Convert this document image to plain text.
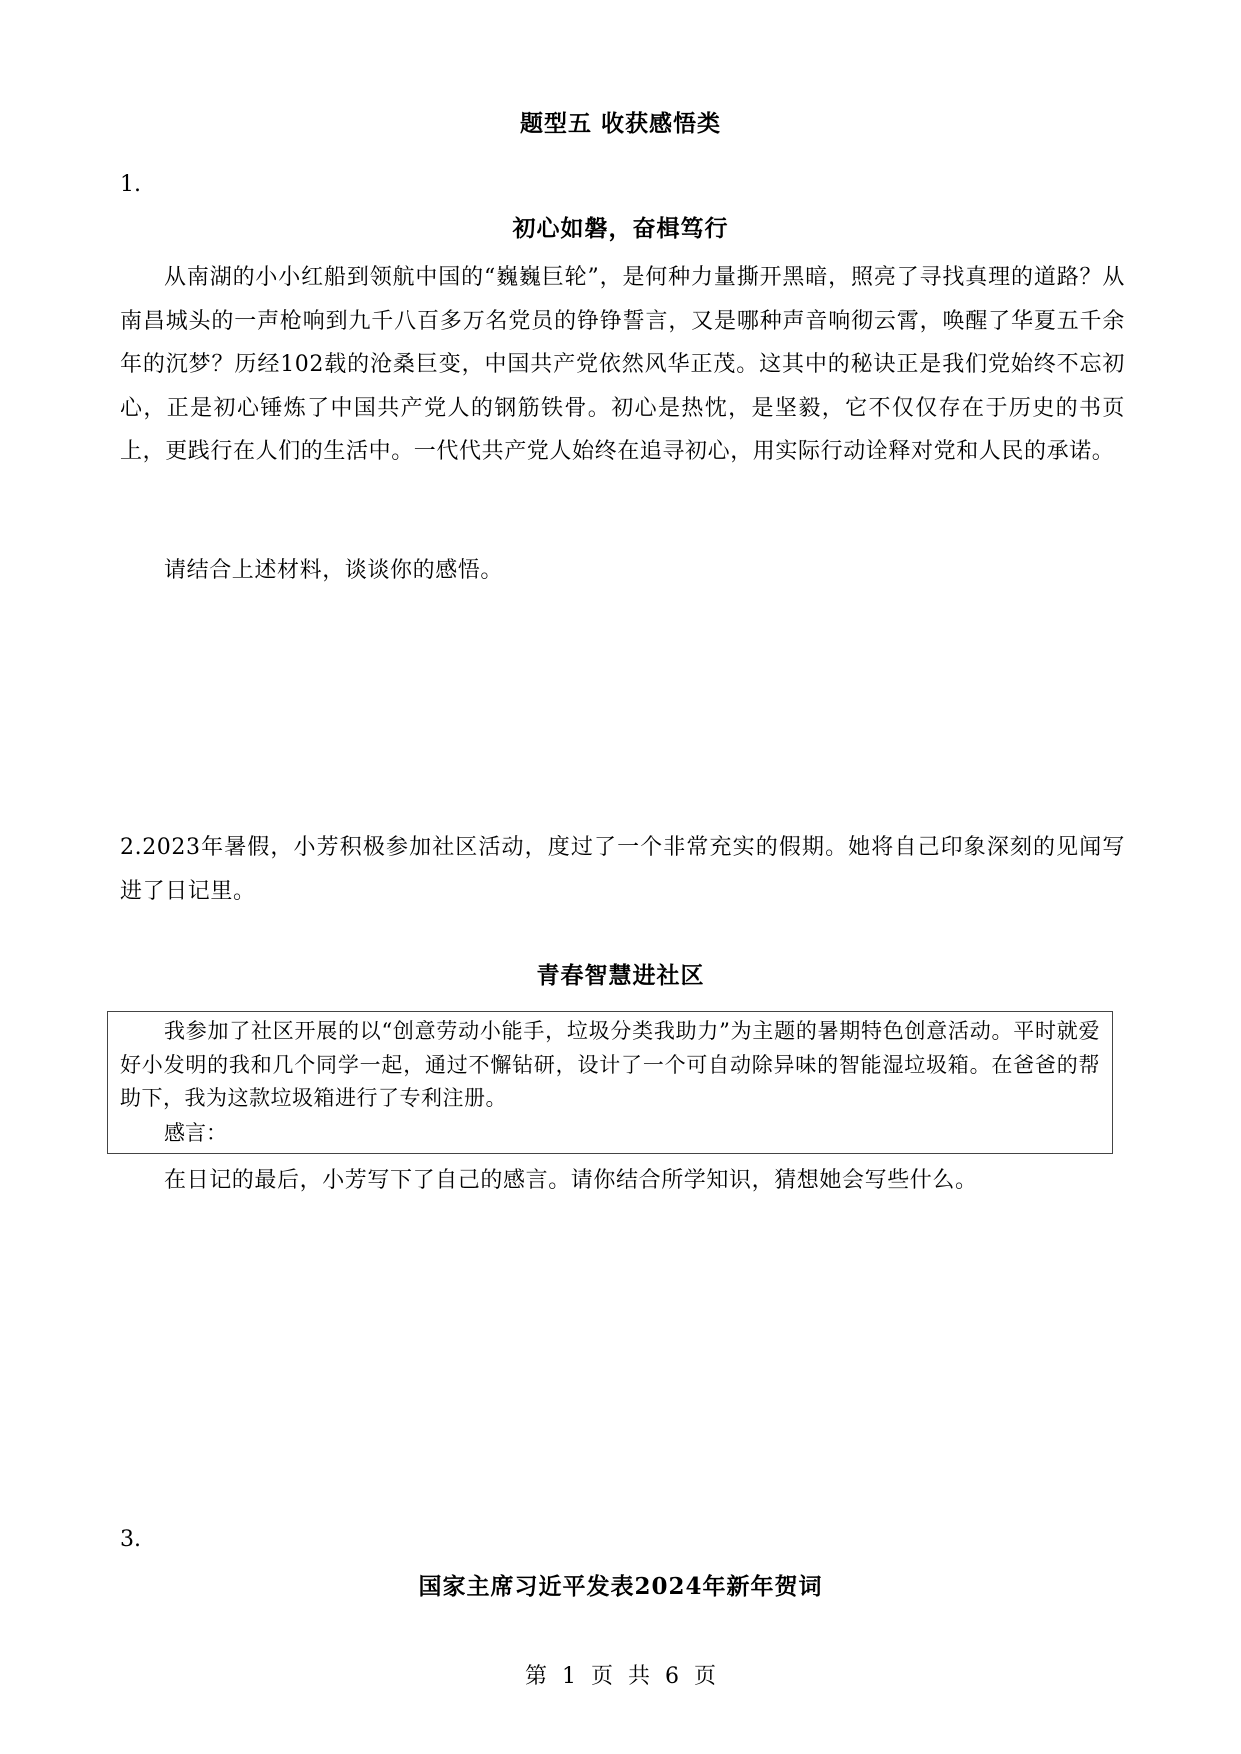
题型五 收获感悟类
1.
初心如磐，奋楫笃行
从南湖的小小红船到领航中国的“巍巍巨轮”，是何种力量撕开黑暗，照亮了寻找真理的道路？从南昌城头的一声枪响到九千八百多万名党员的铮铮誓言，又是哪种声音响彻云霄，唤醒了华夏五千余年的沉梦？历经102载的沧桑巨变，中国共产党依然风华正茂。这其中的秘诀正是我们党始终不忘初心，正是初心锤炼了中国共产党人的钢筋铁骨。初心是热忱，是坚毅，它不仅仅存在于历史的书页上，更践行在人们的生活中。一代代共产党人始终在追寻初心，用实际行动诠释对党和人民的承诺。
请结合上述材料，谈谈你的感悟。
2.2023年暑假，小芳积极参加社区活动，度过了一个非常充实的假期。她将自己印象深刻的见闻写进了日记里。
青春智慧进社区
我参加了社区开展的以“创意劳动小能手，垃圾分类我助力”为主题的暑期特色创意活动。平时就爱好小发明的我和几个同学一起，通过不懈钻研，设计了一个可自动除异味的智能湿垃圾箱。在爸爸的帮助下，我为这款垃圾箱进行了专利注册。
感言：
在日记的最后，小芳写下了自己的感言。请你结合所学知识，猜想她会写些什么。
3.
国家主席习近平发表2024年新年贺词
第 1 页 共 6 页
